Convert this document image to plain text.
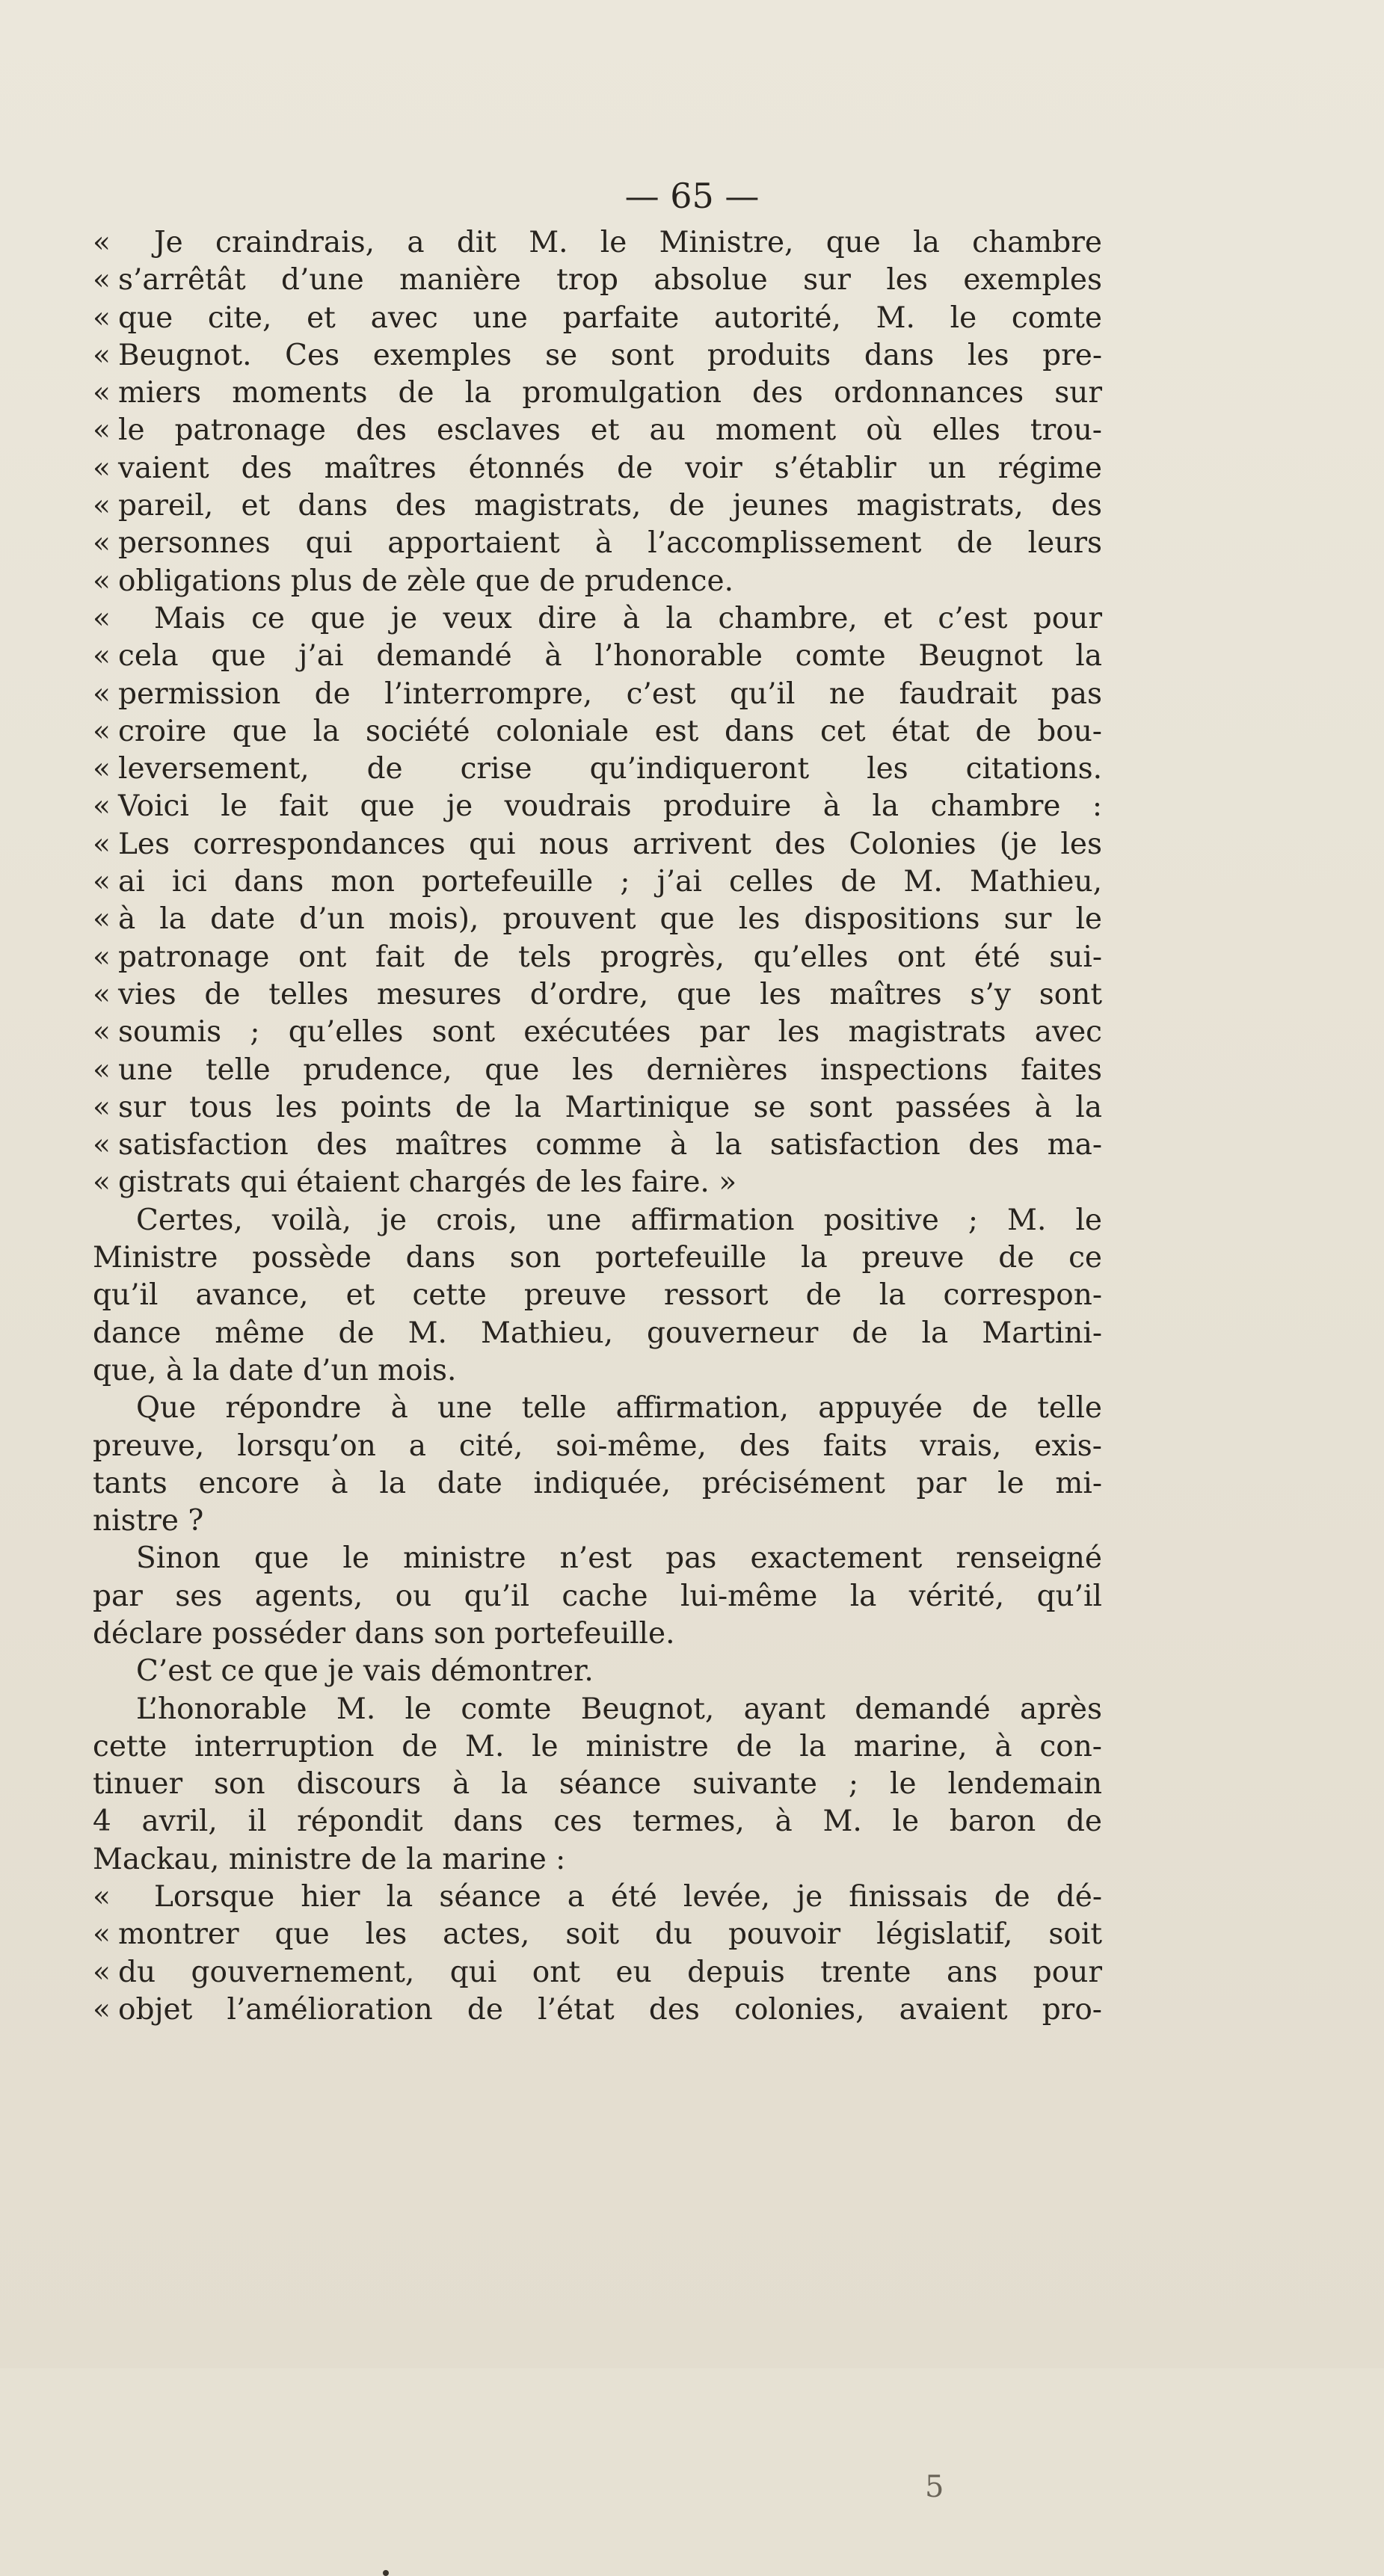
— 65 —
« Je craindrais, a dit M. le Ministre, que la chambre
« s’arrêtât d’une manière trop absolue sur les exemples
« que cite, et avec une parfaite autorité, M. le comte
« Beugnot. Ces exemples se sont produits dans les pre-
« miers moments de la promulgation des ordonnances sur
« le patronage des esclaves et au moment où elles trou-
« vaient des maîtres étonnés de voir s’établir un régime
« pareil, et dans des magistrats, de jeunes magistrats, des
« personnes qui apportaient à l’accomplissement de leurs
« obligations plus de zèle que de prudence.
« Mais ce que je veux dire à la chambre, et c’est pour
« cela que j’ai demandé à l’honorable comte Beugnot la
« permission de l’interrompre, c’est qu’il ne faudrait pas
« croire que la société coloniale est dans cet état de bou-
« leversement, de crise qu’indiqueront les citations.
« Voici le fait que je voudrais produire à la chambre :
« Les correspondances qui nous arrivent des Colonies (je les
« ai ici dans mon portefeuille ; j’ai celles de M. Mathieu,
« à la date d’un mois), prouvent que les dispositions sur le
« patronage ont fait de tels progrès, qu’elles ont été sui-
« vies de telles mesures d’ordre, que les maîtres s’y sont
« soumis ; qu’elles sont exécutées par les magistrats avec
« une telle prudence, que les dernières inspections faites
« sur tous les points de la Martinique se sont passées à la
« satisfaction des maîtres comme à la satisfaction des ma-
« gistrats qui étaient chargés de les faire. »
Certes, voilà, je crois, une affirmation positive ; M. le
Ministre possède dans son portefeuille la preuve de ce
qu’il avance, et cette preuve ressort de la correspon-
dance même de M. Mathieu, gouverneur de la Martini-
que, à la date d’un mois.
Que répondre à une telle affirmation, appuyée de telle
preuve, lorsqu’on a cité, soi-même, des faits vrais, exis-
tants encore à la date indiquée, précisément par le mi-
nistre ?
Sinon que le ministre n’est pas exactement renseigné
par ses agents, ou qu’il cache lui-même la vérité, qu’il
déclare posséder dans son portefeuille.
C’est ce que je vais démontrer.
L’honorable M. le comte Beugnot, ayant demandé après
cette interruption de M. le ministre de la marine, à con-
tinuer son discours à la séance suivante ; le lendemain
4 avril, il répondit dans ces termes, à M. le baron de
Mackau, ministre de la marine :
« Lorsque hier la séance a été levée, je finissais de dé-
« montrer que les actes, soit du pouvoir législatif, soit
« du gouvernement, qui ont eu depuis trente ans pour
« objet l’amélioration de l’état des colonies, avaient pro-
5
